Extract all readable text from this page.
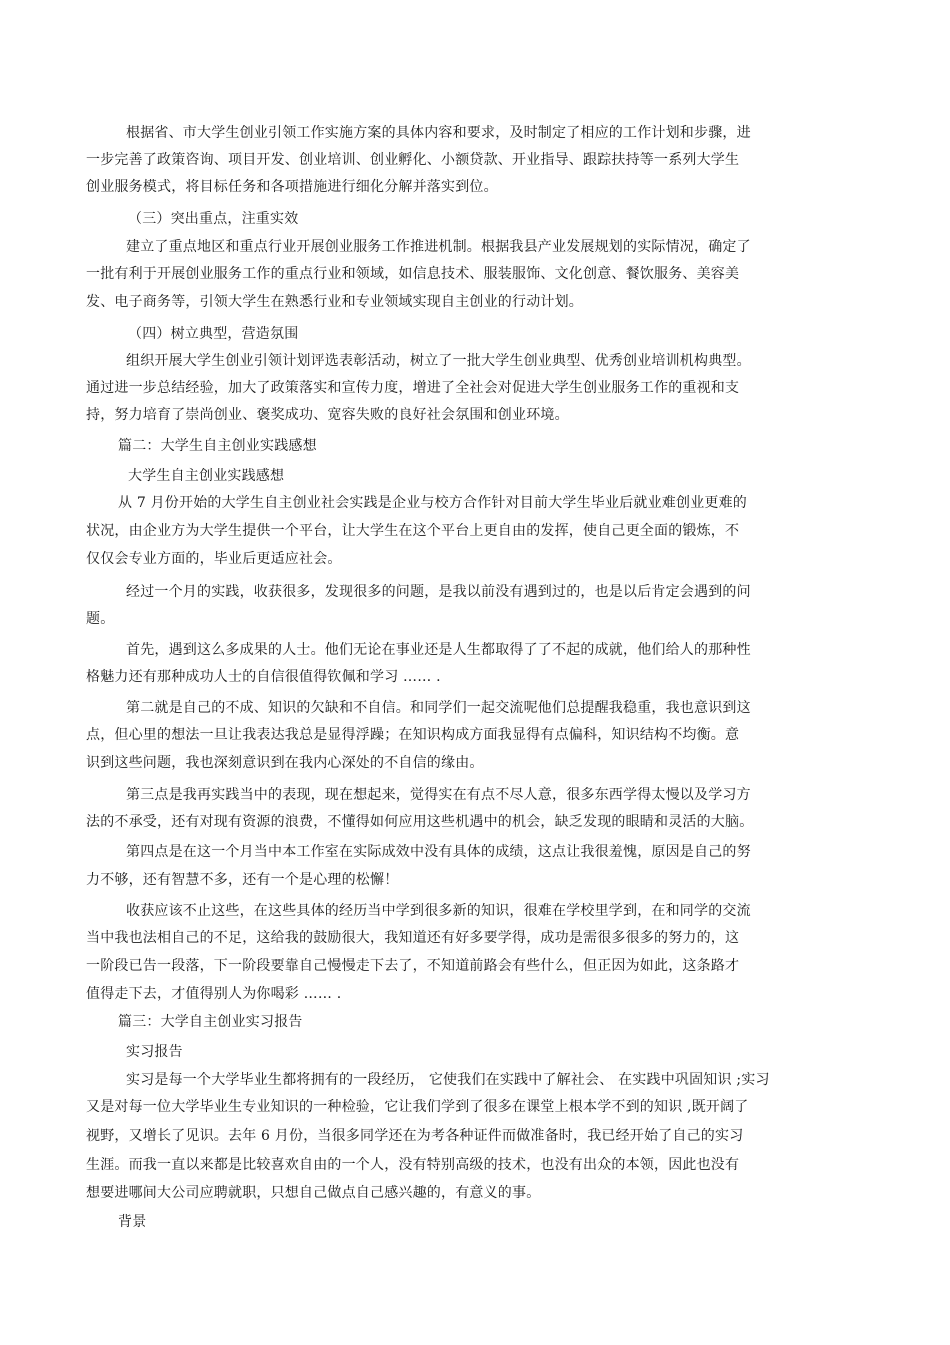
根据省、市大学生创业引领工作实施方案的具体内容和要求，及时制定了相应的工作计划和步骤，进
一步完善了政策咨询、项目开发、创业培训、创业孵化、小额贷款、开业指导、跟踪扶持等一系列大学生
创业服务模式，将目标任务和各项措施进行细化分解并落实到位。
（三）突出重点，注重实效
建立了重点地区和重点行业开展创业服务工作推进机制。根据我县产业发展规划的实际情况，确定了
一批有利于开展创业服务工作的重点行业和领域，如信息技术、服装服饰、文化创意、餐饮服务、美容美
发、电子商务等，引领大学生在熟悉行业和专业领域实现自主创业的行动计划。
（四）树立典型，营造氛围
组织开展大学生创业引领计划评选表彰活动，树立了一批大学生创业典型、优秀创业培训机构典型。
通过进一步总结经验，加大了政策落实和宣传力度，增进了全社会对促进大学生创业服务工作的重视和支
持，努力培育了崇尚创业、褒奖成功、宽容失败的良好社会氛围和创业环境。
篇二：大学生自主创业实践感想
大学生自主创业实践感想
从 7 月份开始的大学生自主创业社会实践是企业与校方合作针对目前大学生毕业后就业难创业更难的
状况，由企业方为大学生提供一个平台，让大学生在这个平台上更自由的发挥，使自己更全面的锻炼，不
仅仅会专业方面的，毕业后更适应社会。
经过一个月的实践，收获很多，发现很多的问题，是我以前没有遇到过的，也是以后肯定会遇到的问
题。
首先，遇到这么多成果的人士。他们无论在事业还是人生都取得了了不起的成就，他们给人的那种性
格魅力还有那种成功人士的自信很值得钦佩和学习 …… .
第二就是自己的不成、知识的欠缺和不自信。和同学们一起交流呢他们总提醒我稳重，我也意识到这
点，但心里的想法一旦让我表达我总是显得浮躁；在知识构成方面我显得有点偏科，知识结构不均衡。意
识到这些问题，我也深刻意识到在我内心深处的不自信的缘由。
第三点是我再实践当中的表现，现在想起来，觉得实在有点不尽人意，很多东西学得太慢以及学习方
法的不承受，还有对现有资源的浪费，不懂得如何应用这些机遇中的机会，缺乏发现的眼睛和灵活的大脑。
第四点是在这一个月当中本工作室在实际成效中没有具体的成绩，这点让我很羞愧，原因是自己的努
力不够，还有智慧不多，还有一个是心理的松懈！
收获应该不止这些，在这些具体的经历当中学到很多新的知识，很难在学校里学到，在和同学的交流
当中我也法相自己的不足，这给我的鼓励很大，我知道还有好多要学得，成功是需很多很多的努力的，这
一阶段已告一段落，下一阶段要靠自己慢慢走下去了，不知道前路会有些什么，但正因为如此，这条路才
值得走下去，才值得别人为你喝彩 …… .
篇三：大学自主创业实习报告
实习报告
实习是每一个大学毕业生都将拥有的一段经历， 它使我们在实践中了解社会、 在实践中巩固知识 ;实习
又是对每一位大学毕业生专业知识的一种检验，它让我们学到了很多在课堂上根本学不到的知识 ,既开阔了
视野，又增长了见识。去年 6 月份，当很多同学还在为考各种证件而做准备时，我已经开始了自己的实习
生涯。而我一直以来都是比较喜欢自由的一个人，没有特别高级的技术，也没有出众的本领，因此也没有
想要进哪间大公司应聘就职，只想自己做点自己感兴趣的，有意义的事。
背景
